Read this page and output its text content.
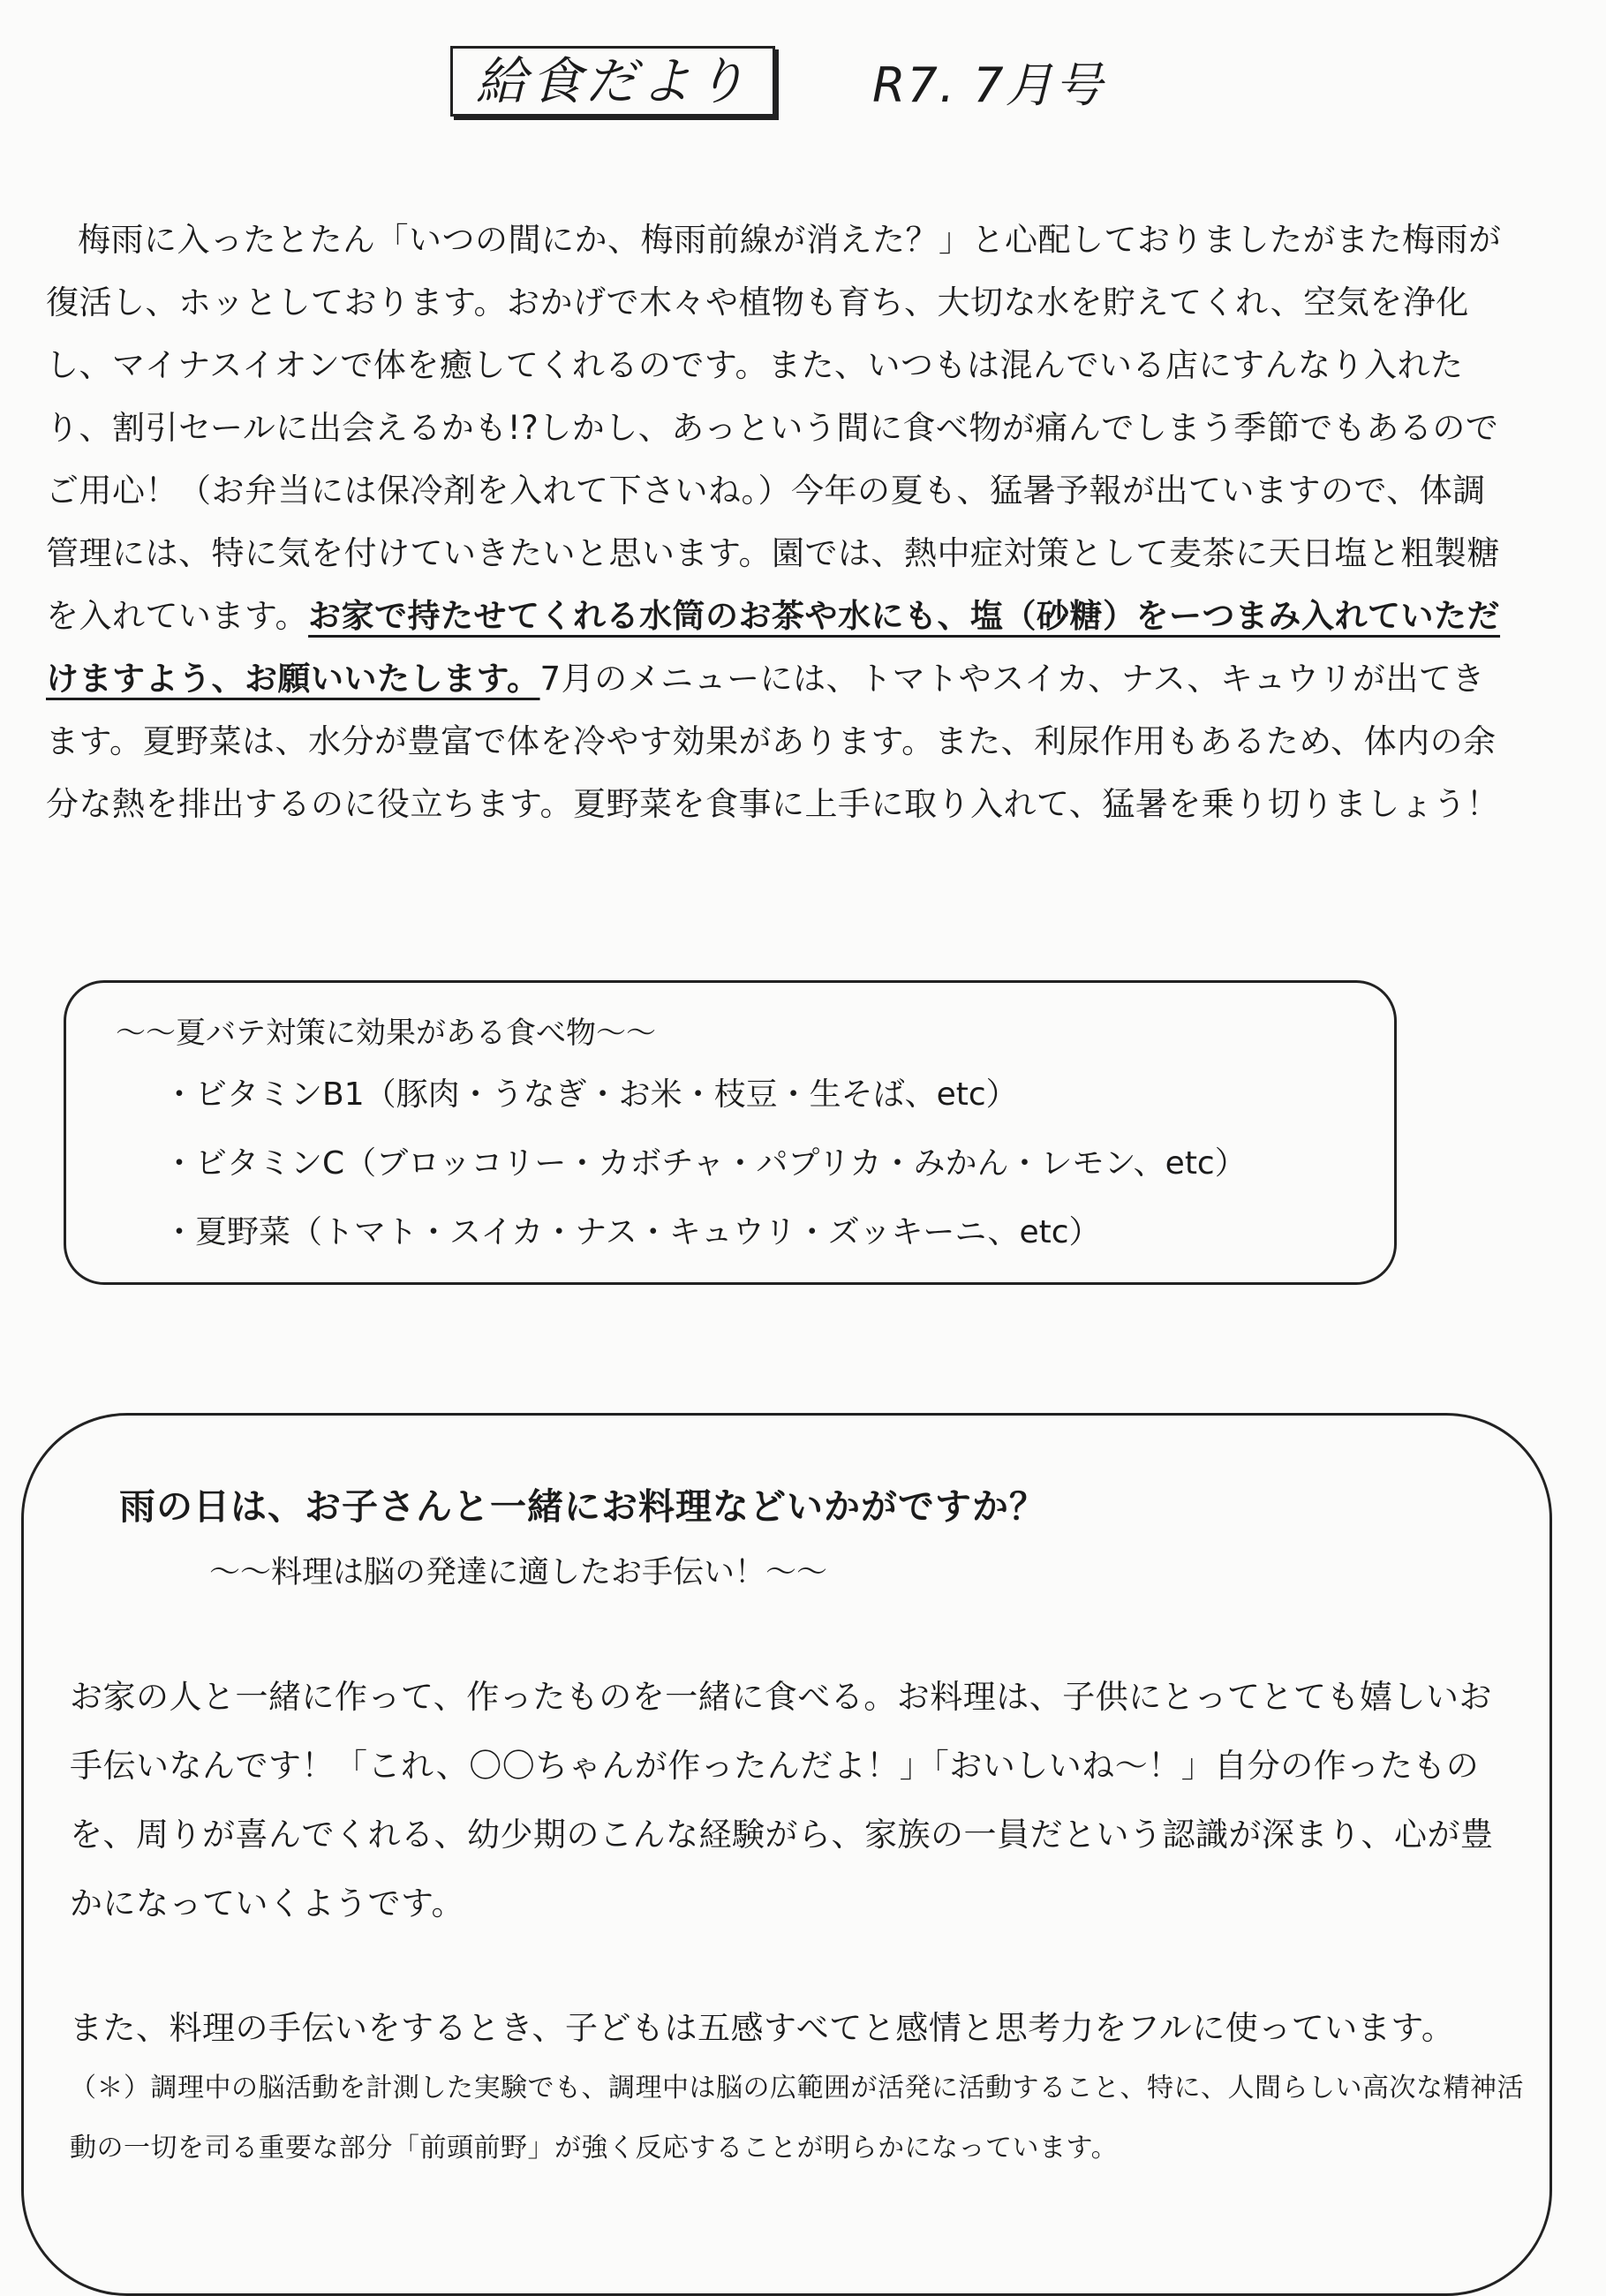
給食だより	R7. 7月号

梅雨に入ったとたん「いつの間にか、梅雨前線が消えた？」と心配しておりましたがまた梅雨が復活し、ホッとしております。おかげで木々や植物も育ち、大切な水を貯えてくれ、空気を浄化し、マイナスイオンで体を癒してくれるのです。また、いつもは混んでいる店にすんなり入れたり、割引セールに出会えるかも!?しかし、あっという間に食べ物が痛んでしまう季節でもあるのでご用心！（お弁当には保冷剤を入れて下さいね。）今年の夏も、猛暑予報が出ていますので、体調管理には、特に気を付けていきたいと思います。園では、熱中症対策として麦茶に天日塩と粗製糖を入れています。お家で持たせてくれる水筒のお茶や水にも、塩（砂糖）をーつまみ入れていただけますよう、お願いいたします。7月のメニューには、トマトやスイカ、ナス、キュウリが出てきます。夏野菜は、水分が豊富で体を冷やす効果があります。また、利尿作用もあるため、体内の余分な熱を排出するのに役立ちます。夏野菜を食事に上手に取り入れて、猛暑を乗り切りましょう！

～～夏バテ対策に効果がある食べ物～～
・ ビタミンB1（豚肉・うなぎ・お米・枝豆・生そば、etc）
・ ビタミンC（ブロッコリー・カボチャ・パプリカ・みかん・レモン、etc）
・ 夏野菜（トマト・スイカ・ナス・キュウリ・ズッキーニ、etc）
雨の日は、お子さんと一緒にお料理などいかがですか？
～～料理は脳の発達に適したお手伝い！～～

お家の人と一緒に作って、作ったものを一緒に食べる。お料理は、子供にとってとても嬉しいお手伝いなんです！「これ、〇〇ちゃんが作ったんだよ！」「おいしいね～！」自分の作ったものを、周りが喜んでくれる、幼少期のこんな経験がら、家族の一員だという認識が深まり、心が豊かになっていくようです。

また、料理の手伝いをするとき、子どもは五感すべてと感情と思考力をフルに使っています。

（＊）調理中の脳活動を計測した実験でも、調理中は脳の広範囲が活発に活動すること、特に、人間らしい高次な精神活動の一切を司る重要な部分「前頭前野」が強く反応することが明らかになっています。
